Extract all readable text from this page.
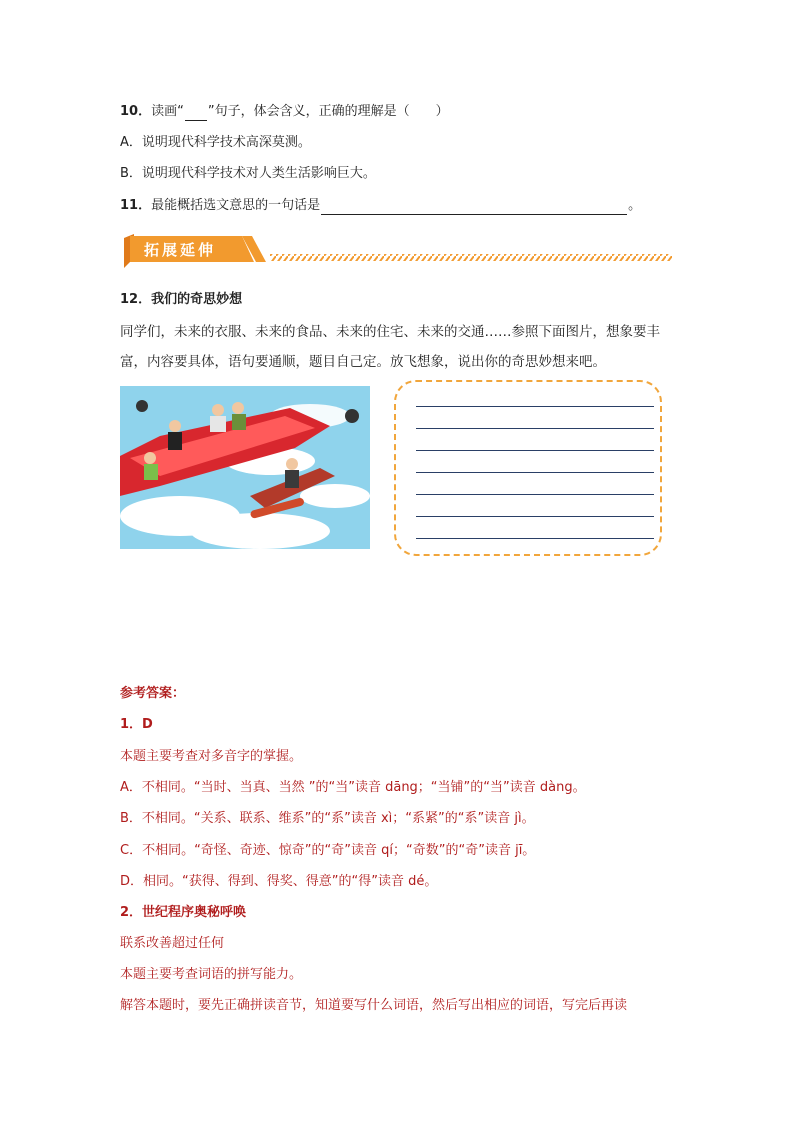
10．读画“ ”句子，体会含义，正确的理解是（　　）
A．说明现代科学技术高深莫测。
B．说明现代科学技术对人类生活影响巨大。
11．最能概括选文意思的一句话是	。
拓展延伸
12．我们的奇思妙想
同学们，未来的衣服、未来的食品、未来的住宅、未来的交通……参照下面图片，想象要丰
富，内容要具体，语句要通顺，题目自己定。放飞想象，说出你的奇思妙想来吧。
参考答案：
1．D
本题主要考查对多音字的掌握。
A．不相同。“当时、当真、当然 ”的“当”读音 dāng；“当铺”的“当”读音 dàng。
B．不相同。“关系、联系、维系”的“系”读音 xì；“系紧”的“系”读音 jì。
C．不相同。“奇怪、奇迹、惊奇”的“奇”读音 qí；“奇数”的“奇”读音 jī。
D．相同。“获得、得到、得奖、得意”的“得”读音 dé。
2．世纪程序奥秘呼唤
联系改善超过任何
本题主要考查词语的拼写能力。
解答本题时，要先正确拼读音节，知道要写什么词语，然后写出相应的词语，写完后再读
